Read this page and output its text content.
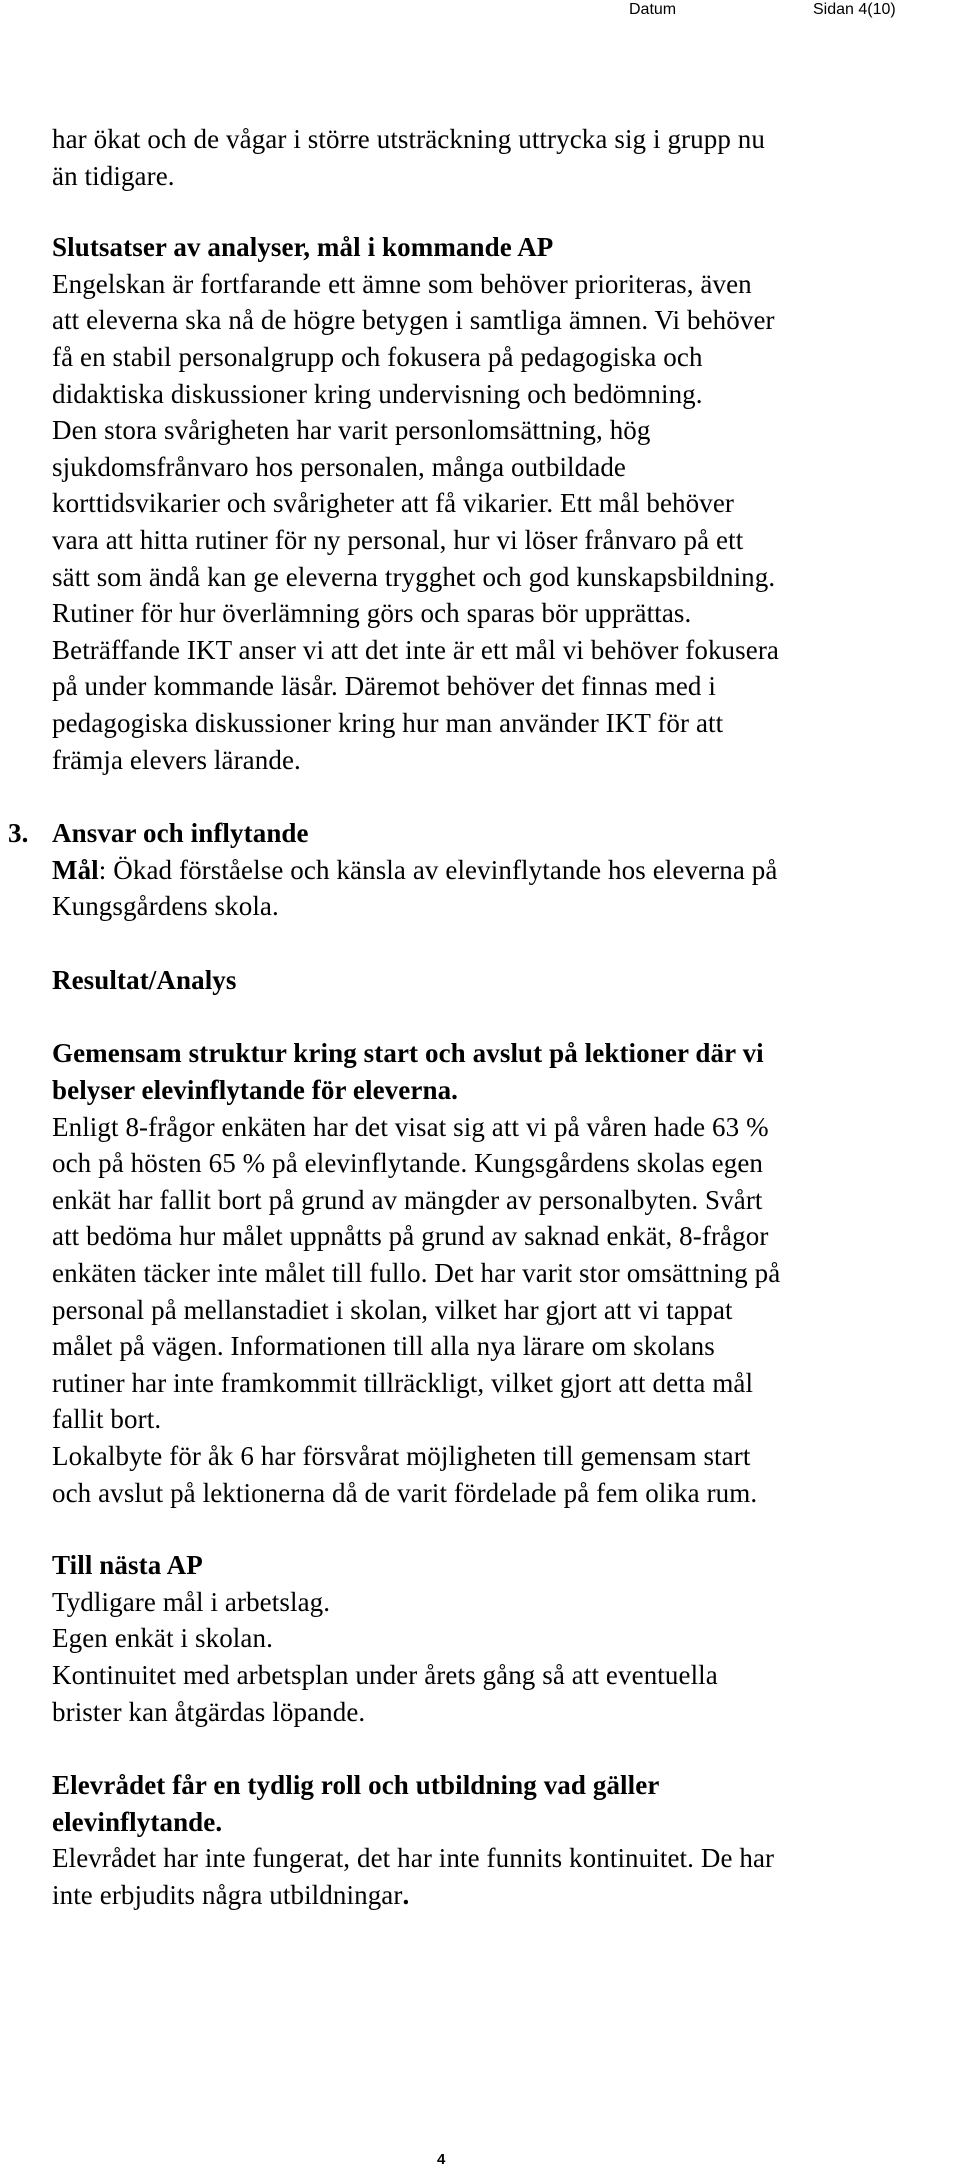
Datum	Sidan 4(10)
har ökat och de vågar i större utsträckning uttrycka sig i grupp nu
än tidigare.
Slutsatser av analyser, mål i kommande AP
Engelskan är fortfarande ett ämne som behöver prioriteras, även
att eleverna ska nå de högre betygen i samtliga ämnen. Vi behöver
få en stabil personalgrupp och fokusera på pedagogiska och
didaktiska diskussioner kring undervisning och bedömning.
Den stora svårigheten har varit personlomsättning, hög
sjukdomsfrånvaro hos personalen, många outbildade
korttidsvikarier och svårigheter att få vikarier. Ett mål behöver
vara att hitta rutiner för ny personal, hur vi löser frånvaro på ett
sätt som ändå kan ge eleverna trygghet och god kunskapsbildning.
Rutiner för hur överlämning görs och sparas bör upprättas.
Beträffande IKT anser vi att det inte är ett mål vi behöver fokusera
på under kommande läsår. Däremot behöver det finnas med i
pedagogiska diskussioner kring hur man använder IKT för att
främja elevers lärande.
3. Ansvar och inflytande
Mål: Ökad förståelse och känsla av elevinflytande hos eleverna på
Kungsgårdens skola.
Resultat/Analys
Gemensam struktur kring start och avslut på lektioner där vi
belyser elevinflytande för eleverna.
Enligt 8-frågor enkäten har det visat sig att vi på våren hade 63 %
och på hösten 65 % på elevinflytande. Kungsgårdens skolas egen
enkät har fallit bort på grund av mängder av personalbyten. Svårt
att bedöma hur målet uppnåtts på grund av saknad enkät, 8-frågor
enkäten täcker inte målet till fullo. Det har varit stor omsättning på
personal på mellanstadiet i skolan, vilket har gjort att vi tappat
målet på vägen. Informationen till alla nya lärare om skolans
rutiner har inte framkommit tillräckligt, vilket gjort att detta mål
fallit bort.
Lokalbyte för åk 6 har försvårat möjligheten till gemensam start
och avslut på lektionerna då de varit fördelade på fem olika rum.
Till nästa AP
Tydligare mål i arbetslag.
Egen enkät i skolan.
Kontinuitet med arbetsplan under årets gång så att eventuella
brister kan åtgärdas löpande.
Elevrådet får en tydlig roll och utbildning vad gäller
elevinflytande.
Elevrådet har inte fungerat, det har inte funnits kontinuitet. De har
inte erbjudits några utbildningar.
4
